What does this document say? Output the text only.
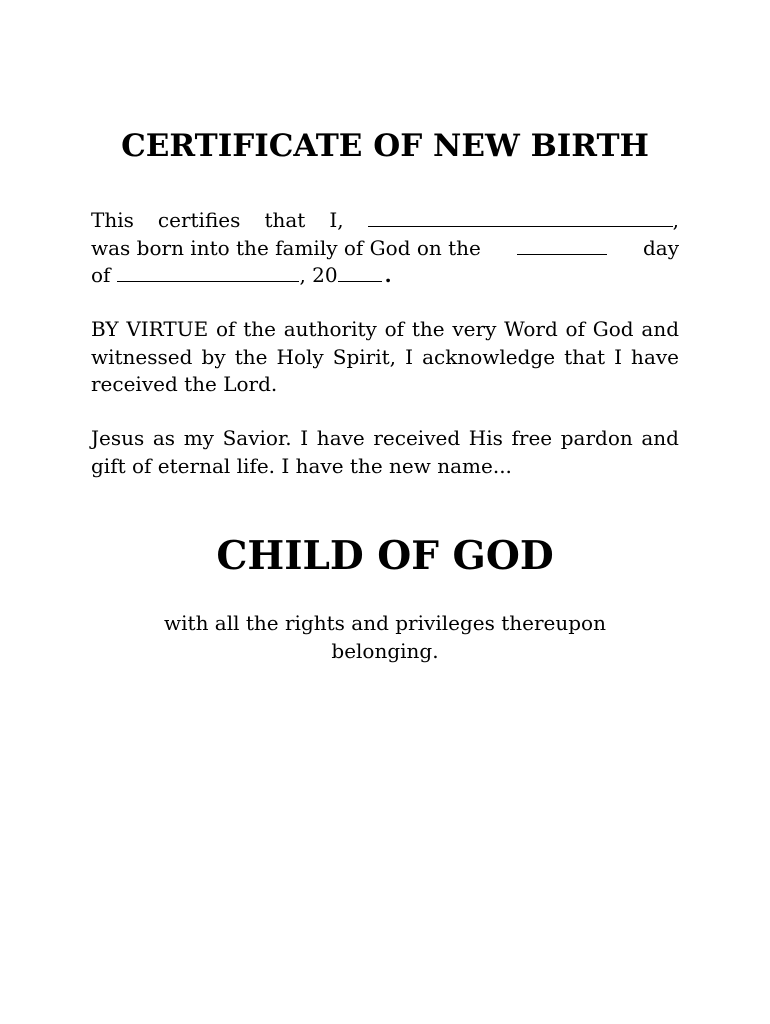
CERTIFICATE OF NEW BIRTH
This certifies that I,	,
was born into the family of God on the	day
of	, 20 .

BY VIRTUE of the authority of the very Word of God and witnessed by the Holy Spirit, I acknowledge that I have received the Lord.

Jesus as my Savior. I have received His free pardon and gift of eternal life. I have the new name...

CHILD OF GOD

with all the rights and privileges thereupon belonging.
